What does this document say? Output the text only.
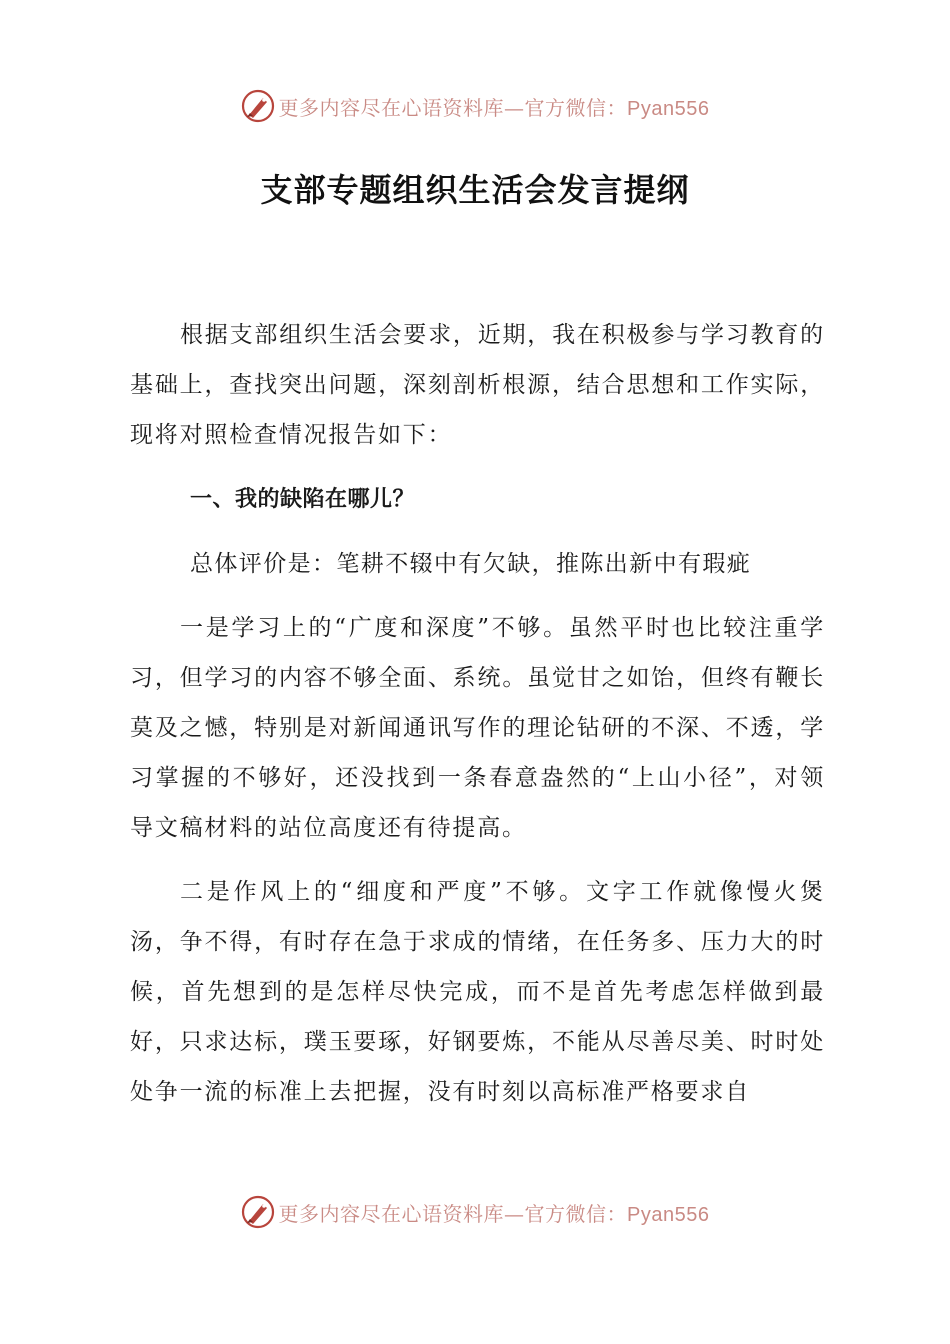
更多内容尽在心语资料库—官方微信：Pyan556
支部专题组织生活会发言提纲

根据支部组织生活会要求，近期，我在积极参与学习教育的基础上，查找突出问题，深刻剖析根源，结合思想和工作实际，现将对照检查情况报告如下：

一、我的缺陷在哪儿？

总体评价是：笔耕不辍中有欠缺，推陈出新中有瑕疵

一是学习上的“广度和深度”不够。虽然平时也比较注重学习，但学习的内容不够全面、系统。虽觉甘之如饴，但终有鞭长莫及之憾，特别是对新闻通讯写作的理论钻研的不深、不透，学习掌握的不够好，还没找到一条春意盎然的“上山小径”，对领导文稿材料的站位高度还有待提高。

二是作风上的“细度和严度”不够。文字工作就像慢火煲汤，争不得，有时存在急于求成的情绪，在任务多、压力大的时候，首先想到的是怎样尽快完成，而不是首先考虑怎样做到最好，只求达标，璞玉要琢，好钢要炼，不能从尽善尽美、时时处处争一流的标准上去把握，没有时刻以高标准严格要求自

更多内容尽在心语资料库—官方微信：Pyan556
